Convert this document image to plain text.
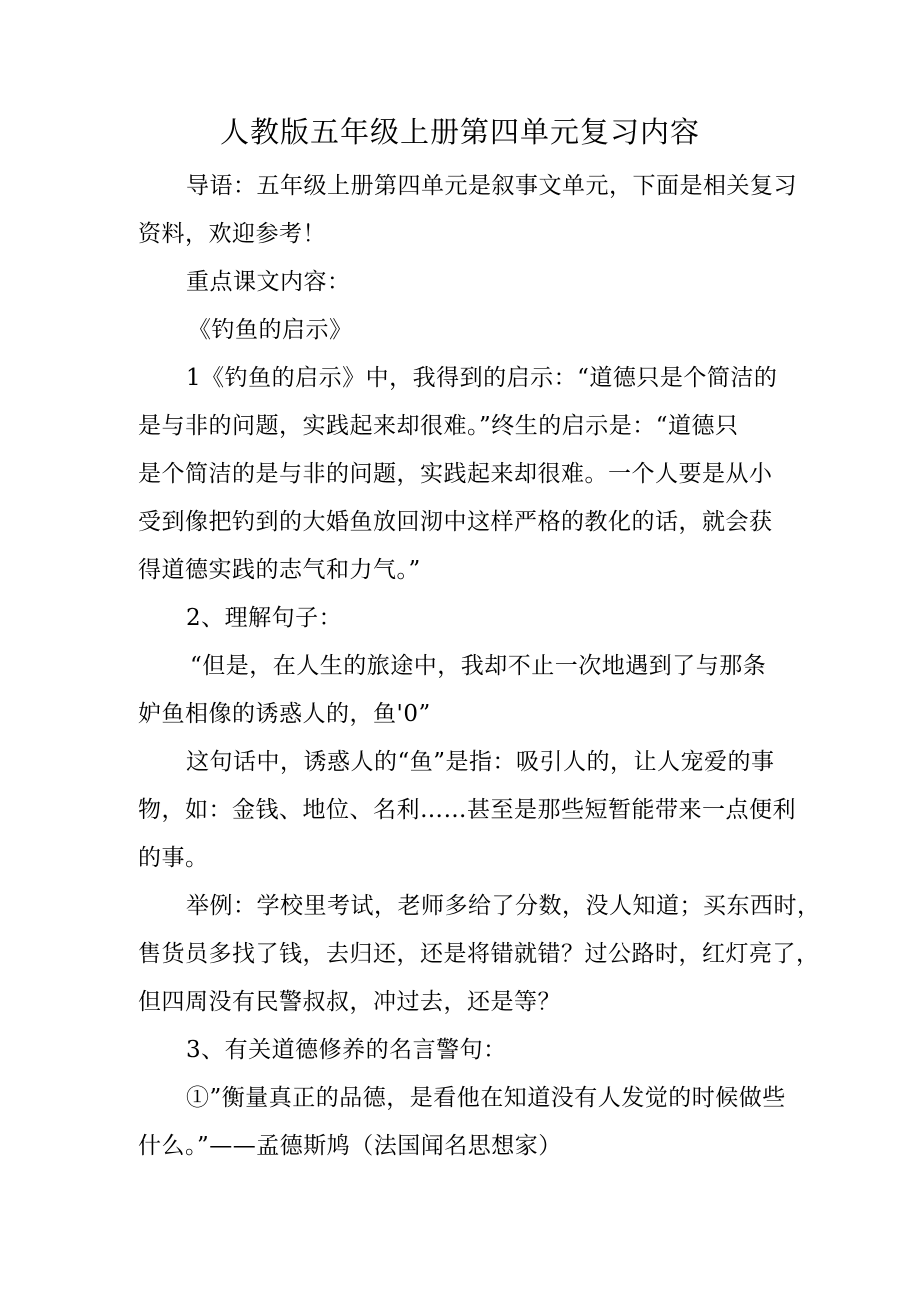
人教版五年级上册第四单元复习内容
导语：五年级上册第四单元是叙事文单元，下面是相关复习
资料，欢迎参考！
重点课文内容：
《钓鱼的启示》
1《钓鱼的启示》中，我得到的启示：“道德只是个简洁的
是与非的问题，实践起来却很难。”终生的启示是：“道德只
是个简洁的是与非的问题，实践起来却很难。一个人要是从小
受到像把钓到的大婚鱼放回沏中这样严格的教化的话，就会获
得道德实践的志气和力气。”
2、理解句子：
“但是，在人生的旅途中，我却不止一次地遇到了与那条
妒鱼相像的诱惑人的，鱼'0”
这句话中，诱惑人的“鱼”是指：吸引人的，让人宠爱的事
物，如：金钱、地位、名利……甚至是那些短暂能带来一点便利
的事。
举例：学校里考试，老师多给了分数，没人知道；买东西时，
售货员多找了钱，去归还，还是将错就错？过公路时，红灯亮了，
但四周没有民警叔叔，冲过去，还是等？
3、有关道德修养的名言警句：
①”衡量真正的品德，是看他在知道没有人发觉的时候做些
什么。”——孟德斯鸠（法国闻名思想家）
